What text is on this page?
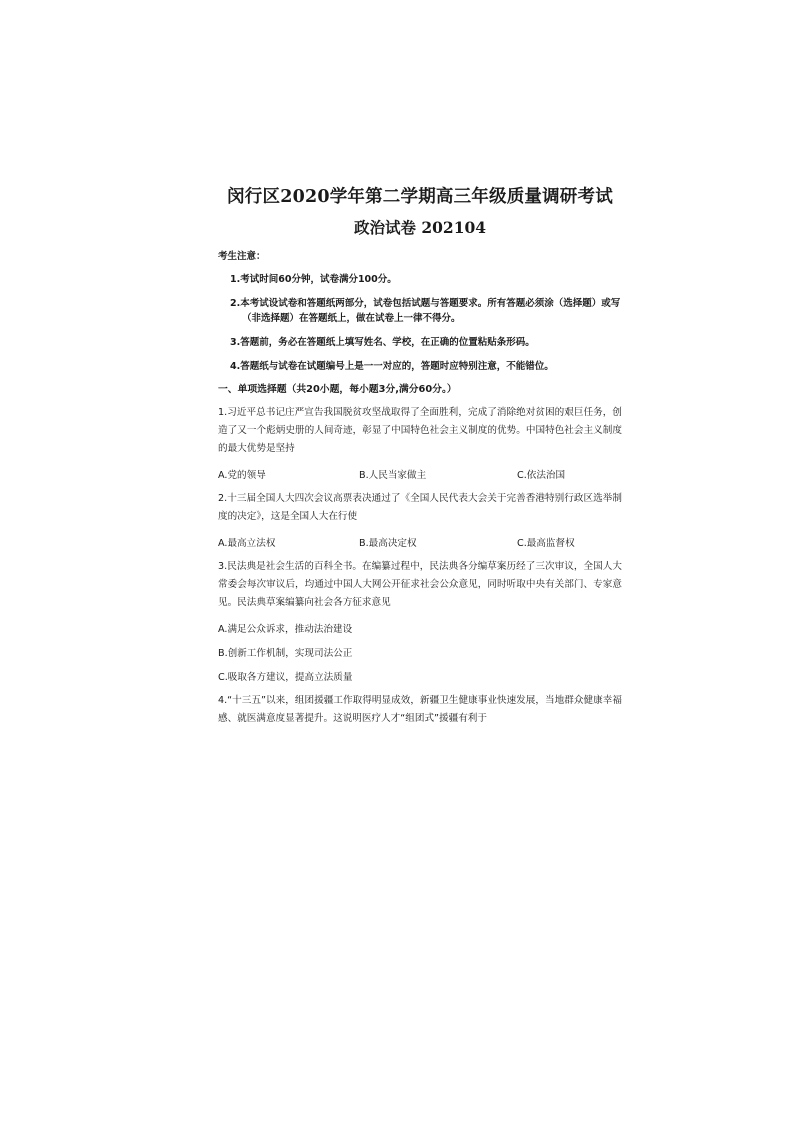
闵行区2020学年第二学期高三年级质量调研考试
政治试卷 202104

考生注意：

1.考试时间60分钟，试卷满分100分。
2.本考试设试卷和答题纸两部分，试卷包括试题与答题要求。所有答题必须涂（选择题）或写（非选择题）在答题纸上，做在试卷上一律不得分。
3.答题前，务必在答题纸上填写姓名、学校，在正确的位置粘贴条形码。
4.答题纸与试卷在试题编号上是一一对应的，答题时应特别注意，不能错位。

一、单项选择题（共20小题，每小题3分,满分60分。）

1.习近平总书记庄严宣告我国脱贫攻坚战取得了全面胜利，完成了消除绝对贫困的艰巨任务，创造了又一个彪炳史册的人间奇迹，彰显了中国特色社会主义制度的优势。中国特色社会主义制度的最大优势是坚持

A.党的领导	B.人民当家做主	C.依法治国

2.十三届全国人大四次会议高票表决通过了《全国人民代表大会关于完善香港特别行政区选举制度的决定》，这是全国人大在行使

A.最高立法权	B.最高决定权	C.最高监督权

3.民法典是社会生活的百科全书。在编纂过程中，民法典各分编草案历经了三次审议，全国人大常委会每次审议后，均通过中国人大网公开征求社会公众意见，同时听取中央有关部门、专家意见。民法典草案编纂向社会各方征求意见

A.满足公众诉求，推动法治建设
B.创新工作机制，实现司法公正
C.吸取各方建议，提高立法质量

4.“十三五”以来，组团援疆工作取得明显成效，新疆卫生健康事业快速发展，当地群众健康幸福感、就医满意度显著提升。这说明医疗人才“组团式”援疆有利于
